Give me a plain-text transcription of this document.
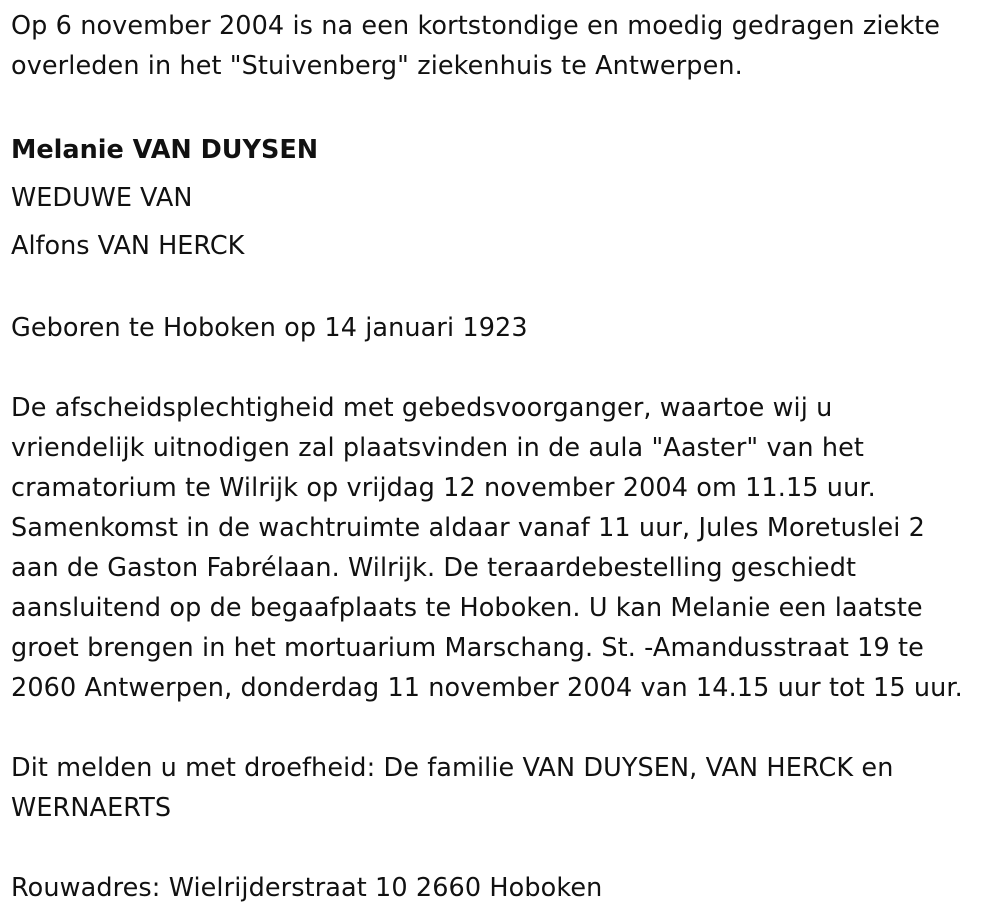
Op 6 november 2004 is na een kortstondige en moedig gedragen ziekte
overleden in het "Stuivenberg" ziekenhuis te Antwerpen.
Melanie VAN DUYSEN
WEDUWE VAN
Alfons VAN HERCK
Geboren te Hoboken op 14 januari 1923
De afscheidsplechtigheid met gebedsvoorganger, waartoe wij u
vriendelijk uitnodigen zal plaatsvinden in de aula "Aaster" van het
cramatorium te Wilrijk op vrijdag 12 november 2004 om 11.15 uur.
Samenkomst in de wachtruimte aldaar vanaf 11 uur, Jules Moretuslei 2
aan de Gaston Fabrélaan. Wilrijk. De teraardebestelling geschiedt
aansluitend op de begaafplaats te Hoboken. U kan Melanie een laatste
groet brengen in het mortuarium Marschang. St. -Amandusstraat 19 te
2060 Antwerpen, donderdag 11 november 2004 van 14.15 uur tot 15 uur.
Dit melden u met droefheid: De familie VAN DUYSEN, VAN HERCK en
WERNAERTS
Rouwadres: Wielrijderstraat 10 2660 Hoboken
